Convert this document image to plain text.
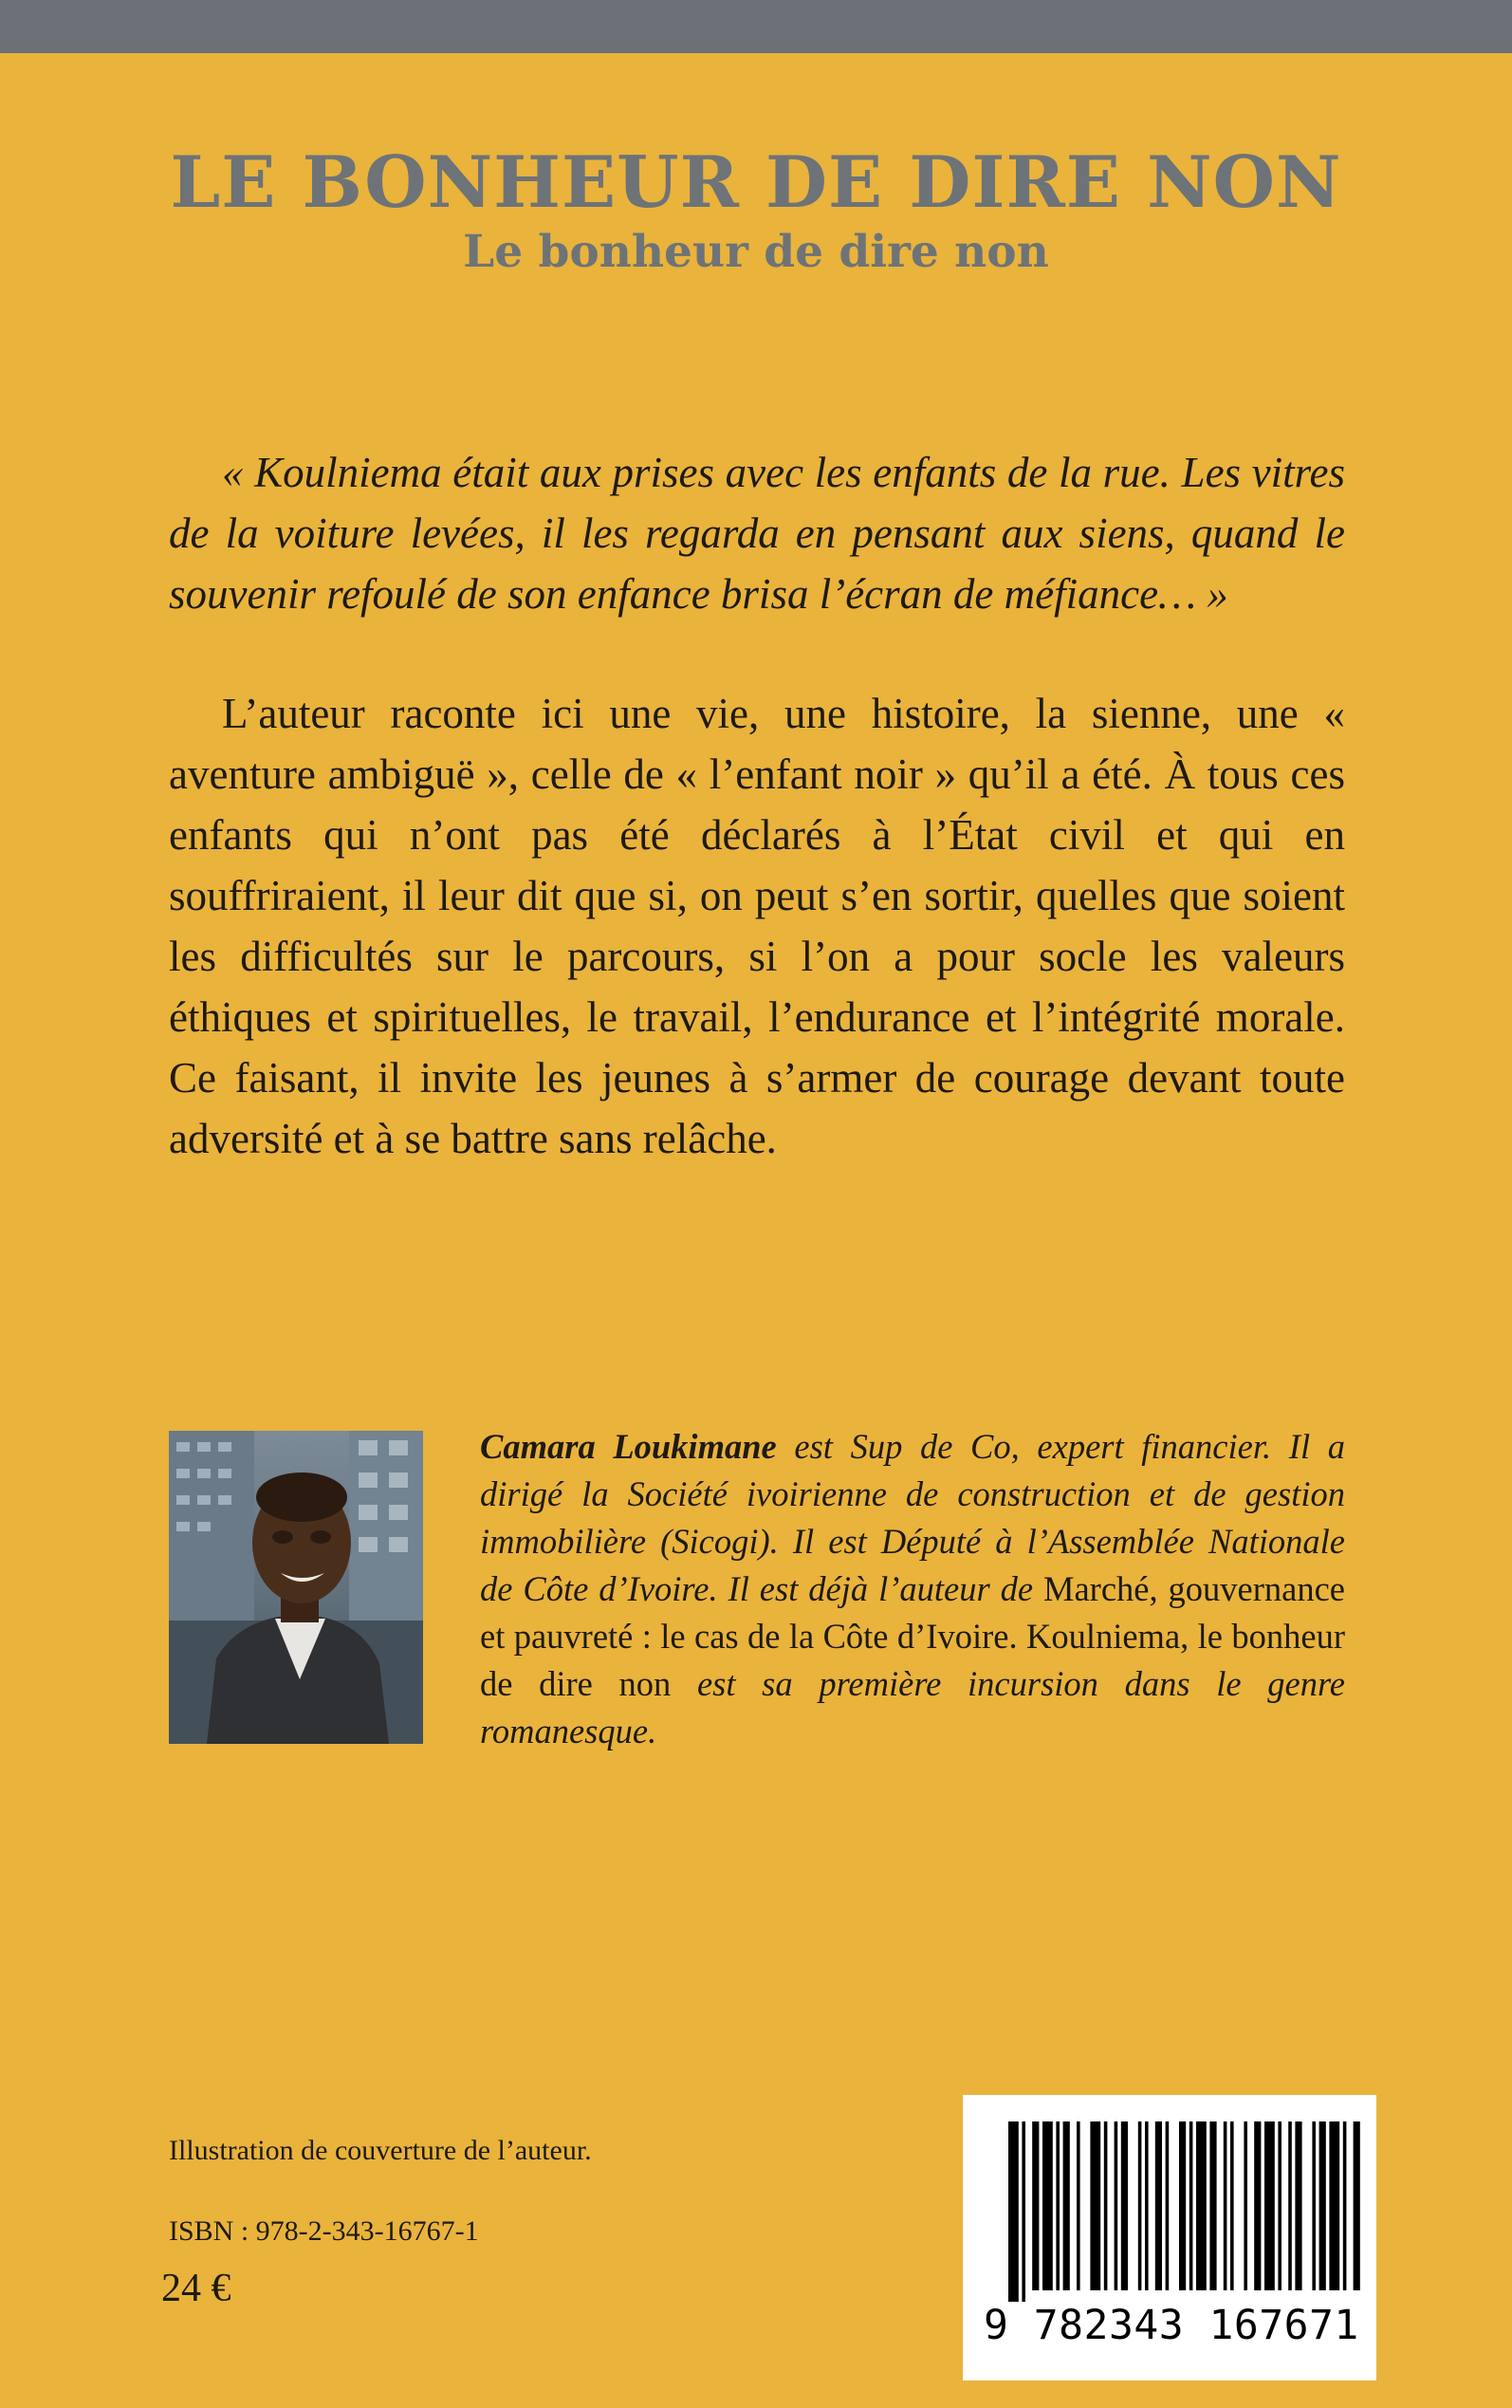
LE BONHEUR DE DIRE NON
Le bonheur de dire non

« Koulniema était aux prises avec les enfants de la rue. Les vitres de la voiture levées, il les regarda en pensant aux siens, quand le souvenir refoulé de son enfance brisa l’écran de méfiance… »

L’auteur raconte ici une vie, une histoire, la sienne, une « aventure ambiguë », celle de « l’enfant noir » qu’il a été. À tous ces enfants qui n’ont pas été déclarés à l’État civil et qui en souffriraient, il leur dit que si, on peut s’en sortir, quelles que soient les difficultés sur le parcours, si l’on a pour socle les valeurs éthiques et spirituelles, le travail, l’endurance et l’intégrité morale. Ce faisant, il invite les jeunes à s’armer de courage devant toute adversité et à se battre sans relâche.

Camara Loukimane est Sup de Co, expert financier. Il a dirigé la Société ivoirienne de construction et de gestion immobilière (Sicogi). Il est Député à l’Assemblée Nationale de Côte d’Ivoire. Il est déjà l’auteur de Marché, gouvernance et pauvreté : le cas de la Côte d’Ivoire. Koulniema, le bonheur de dire non est sa première incursion dans le genre romanesque.
Illustration de couverture de l’auteur.
ISBN : 978-2-343-16767-1
24 €
9 782343 167671
